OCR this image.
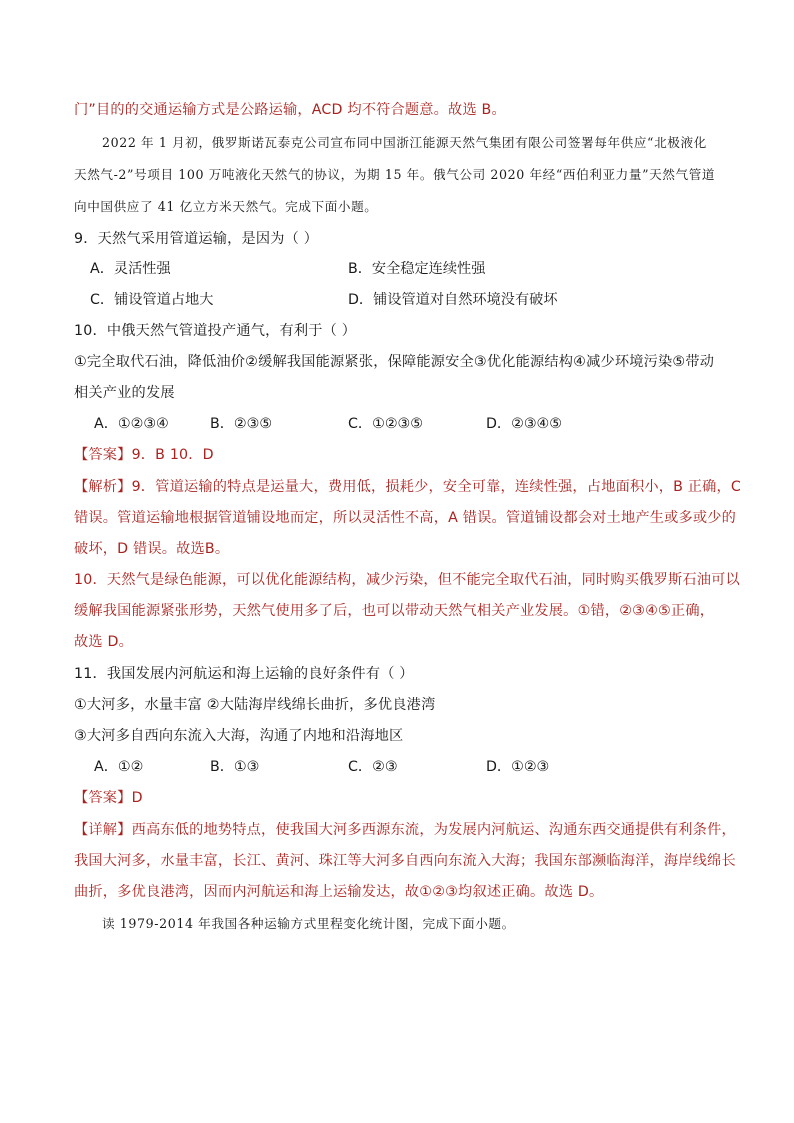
门”目的的交通运输方式是公路运输，ACD 均不符合题意。故选 B。
2022 年 1 月初，俄罗斯诺瓦泰克公司宣布同中国浙江能源天然气集团有限公司签署每年供应“北极液化
天然气-2”号项目 100 万吨液化天然气的协议，为期 15 年。俄气公司 2020 年经“西伯利亚力量”天然气管道
向中国供应了 41 亿立方米天然气。完成下面小题。
9．天然气采用管道运输，是因为（ ）
A．灵活性强	B．安全稳定连续性强
C．铺设管道占地大	D．铺设管道对自然环境没有破坏
10．中俄天然气管道投产通气，有利于（ ）
①完全取代石油，降低油价②缓解我国能源紧张，保障能源安全③优化能源结构④减少环境污染⑤带动
相关产业的发展
A．①②③④	B．②③⑤	C．①②③⑤	D．②③④⑤
【答案】9．B 10．D
【解析】9．管道运输的特点是运量大，费用低，损耗少，安全可靠，连续性强，占地面积小，B 正确，C
错误。管道运输地根据管道铺设地而定，所以灵活性不高，A 错误。管道铺设都会对土地产生或多或少的
破坏，D 错误。故选B。
10．天然气是绿色能源，可以优化能源结构，减少污染，但不能完全取代石油，同时购买俄罗斯石油可以
缓解我国能源紧张形势，天然气使用多了后，也可以带动天然气相关产业发展。①错，②③④⑤正确，
故选 D。
11．我国发展内河航运和海上运输的良好条件有（ ）
①大河多，水量丰富 ②大陆海岸线绵长曲折，多优良港湾
③大河多自西向东流入大海，沟通了内地和沿海地区
A．①②	B．①③	C．②③	D．①②③
【答案】D
【详解】西高东低的地势特点，使我国大河多西源东流，为发展内河航运、沟通东西交通提供有利条件，
我国大河多，水量丰富，长江、黄河、珠江等大河多自西向东流入大海；我国东部濒临海洋，海岸线绵长
曲折，多优良港湾，因而内河航运和海上运输发达，故①②③均叙述正确。故选 D。
读 1979-2014 年我国各种运输方式里程变化统计图，完成下面小题。
